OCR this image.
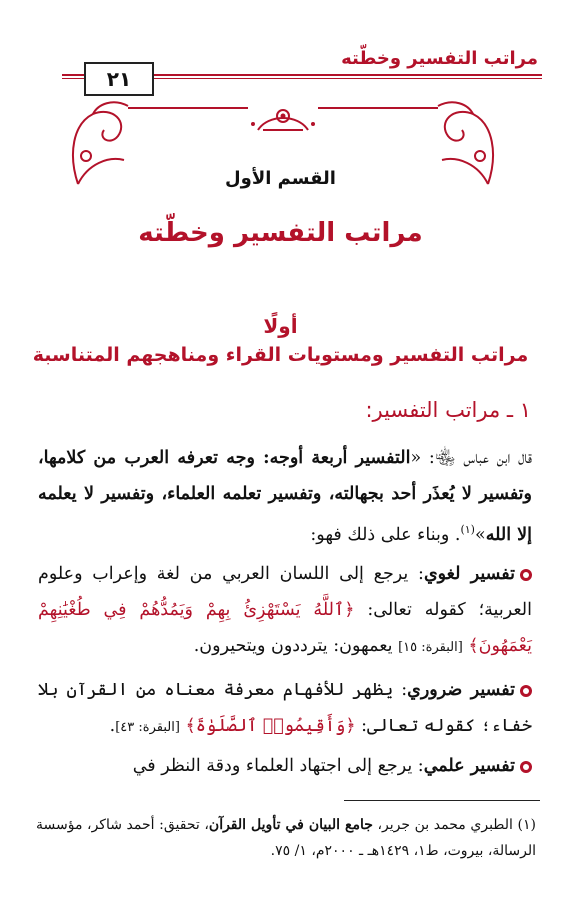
مراتب التفسير وخطّته
٢١
القسم الأول
مراتب التفسير وخطّته
أولًا
مراتب التفسير ومستويات القراء ومناهجهم المتناسبة
١ ـ مراتب التفسير:

قال ابن عباس ﵄: «التفسير أربعة أوجه: وجه تعرفه العرب من كلامها، وتفسير لا يُعذَر أحد بجهالته، وتفسير تعلمه العلماء، وتفسير لا يعلمه إلا الله»$^{(١)}$. وبناء على ذلك فهو:

تفسير لغوي: يرجع إلى اللسان العربي من لغة وإعراب وعلوم العربية؛ كقوله تعالى: ﴿ٱللَّهُ يَسْتَهْزِئُ بِهِمْ وَيَمُدُّهُمْ فِي طُغْيَٰنِهِمْ يَعْمَهُونَ﴾ [البقرة: ١٥] يعمهون: يترددون ويتحيرون.

تفسير ضروري: يظهر للأفهام معرفة معناه من القرآن بلا خفاء؛ كقوله تعالى: ﴿وَأَقِيمُوا۟ ٱلصَّلَوٰةَ﴾ [البقرة: ٤٣].

تفسير علمي: يرجع إلى اجتهاد العلماء ودقة النظر في

(١) الطبري محمد بن جرير، جامع البيان في تأويل القرآن، تحقيق: أحمد شاكر، مؤسسة الرسالة، بيروت، ط١، ١٤٢٩هـ ـ ٢٠٠٠م، ١/ ٧٥.
